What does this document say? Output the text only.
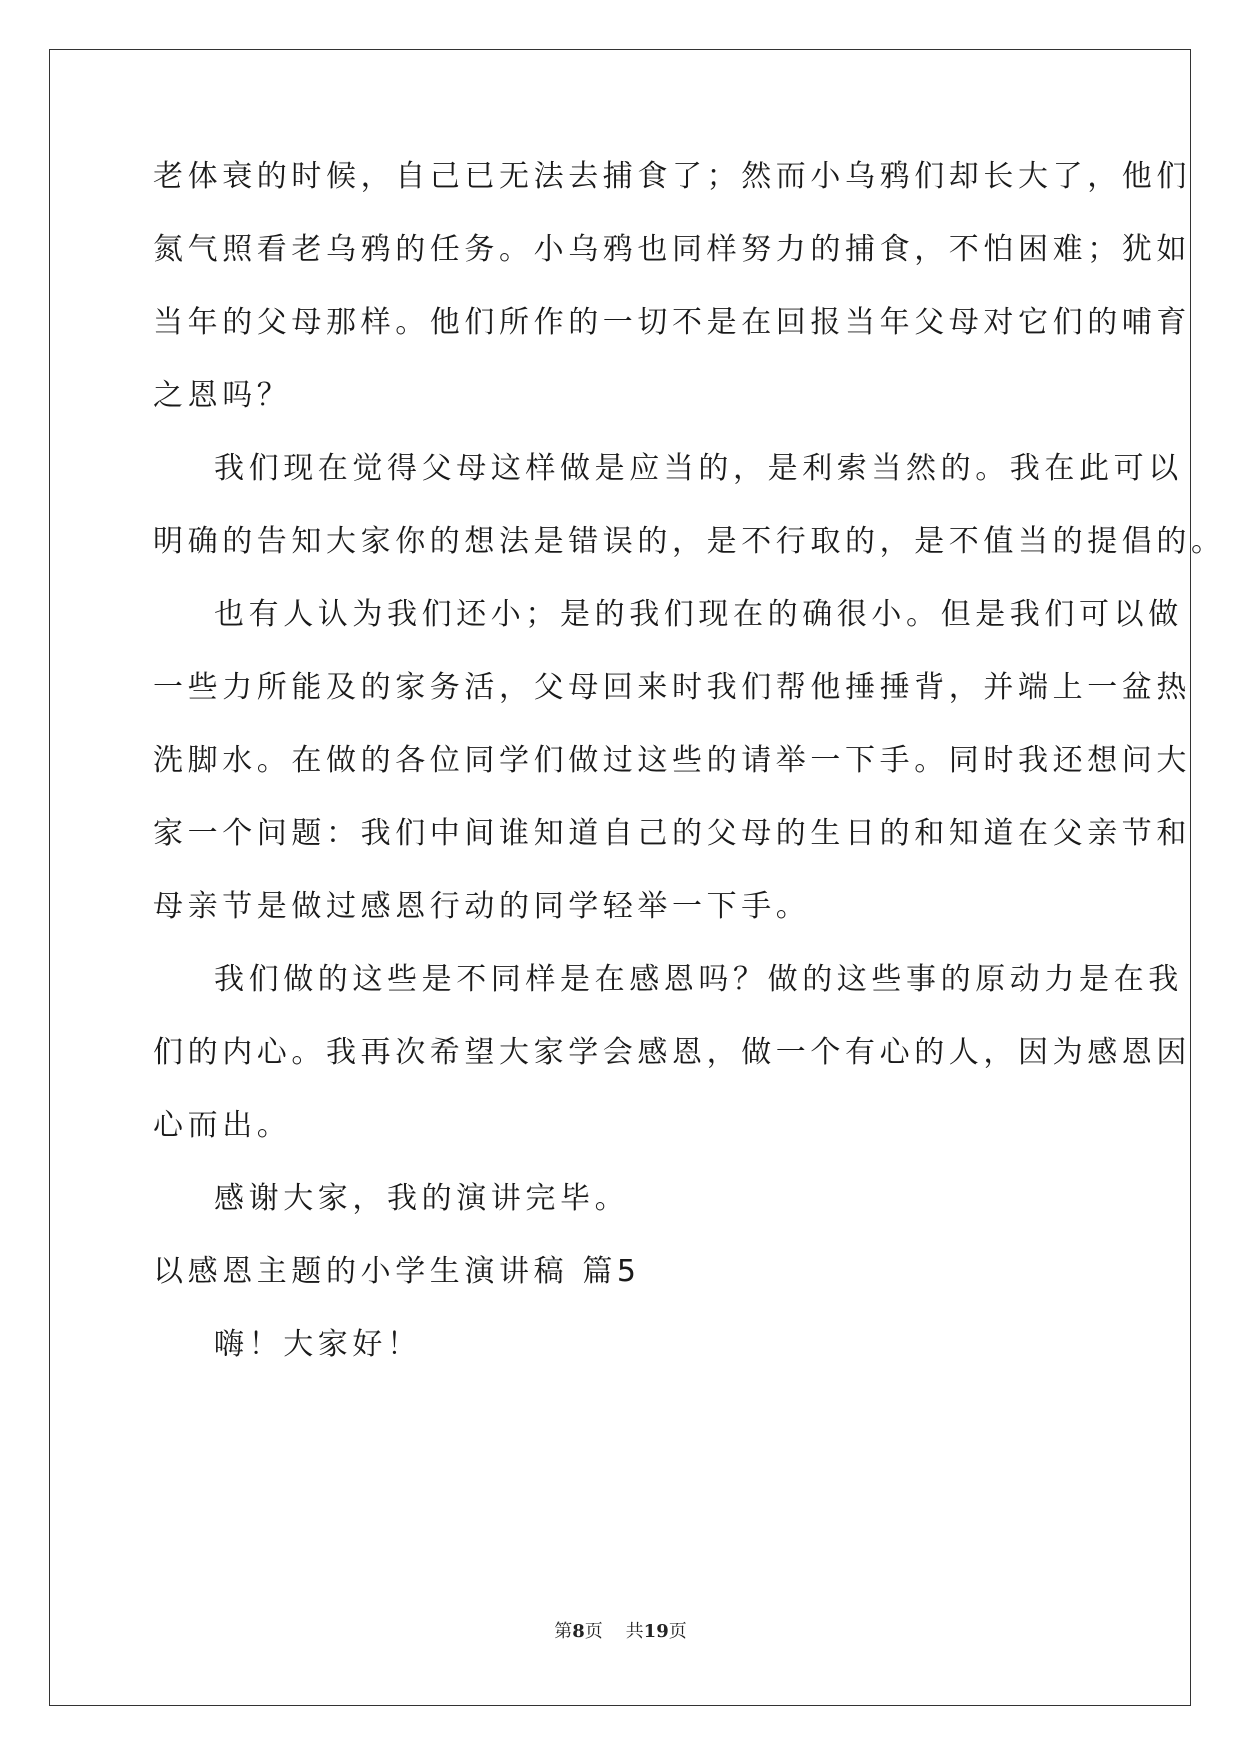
老体衰的时候，自己已无法去捕食了；然而小乌鸦们却长大了，他们
氮气照看老乌鸦的任务。小乌鸦也同样努力的捕食，不怕困难；犹如
当年的父母那样。他们所作的一切不是在回报当年父母对它们的哺育
之恩吗？
我们现在觉得父母这样做是应当的，是利索当然的。我在此可以
明确的告知大家你的想法是错误的，是不行取的，是不值当的提倡的。
也有人认为我们还小；是的我们现在的确很小。但是我们可以做
一些力所能及的家务活，父母回来时我们帮他捶捶背，并端上一盆热
洗脚水。在做的各位同学们做过这些的请举一下手。同时我还想问大
家一个问题：我们中间谁知道自己的父母的生日的和知道在父亲节和
母亲节是做过感恩行动的同学轻举一下手。
我们做的这些是不同样是在感恩吗？做的这些事的原动力是在我
们的内心。我再次希望大家学会感恩，做一个有心的人，因为感恩因
心而出。
感谢大家，我的演讲完毕。
以感恩主题的小学生演讲稿 篇5
嗨！大家好！
第8页    共19页
